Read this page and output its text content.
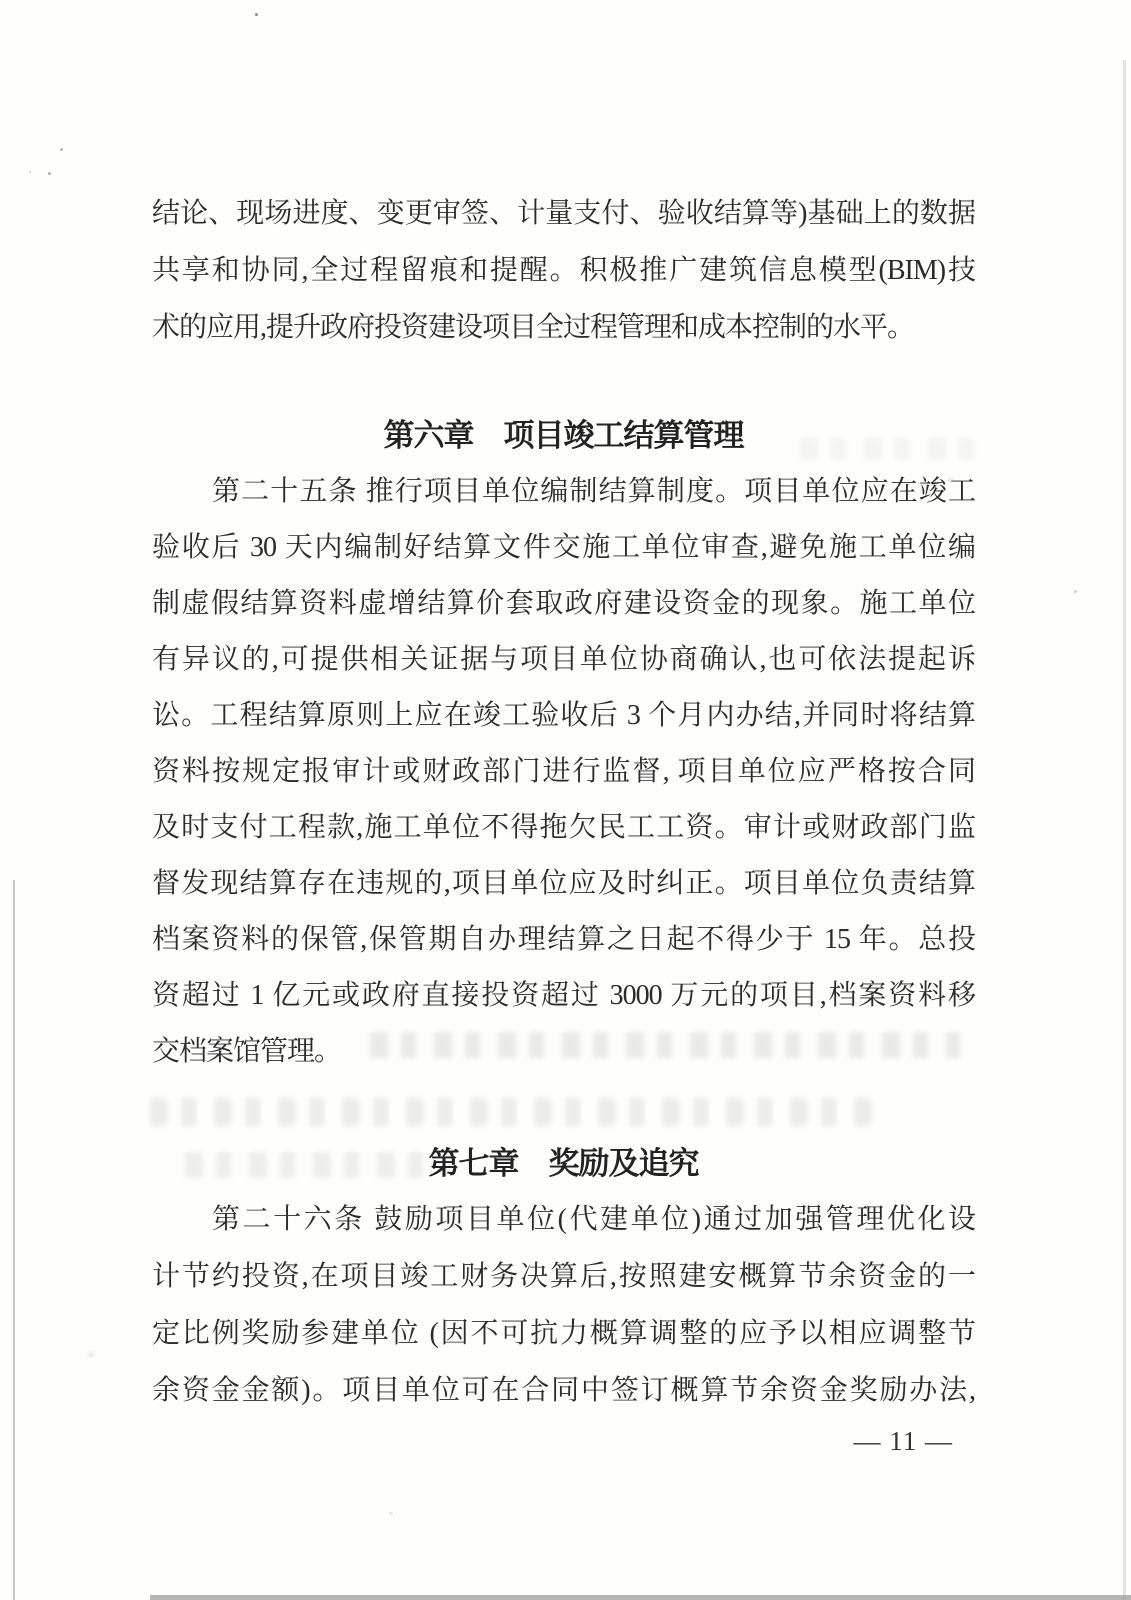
结论、现场进度、变更审签、计量支付、验收结算等)基础上的数据
共享和协同,全过程留痕和提醒。积极推广建筑信息模型(BIM)技
术的应用,提升政府投资建设项目全过程管理和成本控制的水平。
第六章　项目竣工结算管理
第二十五条 推行项目单位编制结算制度。项目单位应在竣工
验收后 30 天内编制好结算文件交施工单位审查,避免施工单位编
制虚假结算资料虚增结算价套取政府建设资金的现象。施工单位
有异议的,可提供相关证据与项目单位协商确认,也可依法提起诉
讼。工程结算原则上应在竣工验收后 3 个月内办结,并同时将结算
资料按规定报审计或财政部门进行监督, 项目单位应严格按合同
及时支付工程款,施工单位不得拖欠民工工资。审计或财政部门监
督发现结算存在违规的,项目单位应及时纠正。项目单位负责结算
档案资料的保管,保管期自办理结算之日起不得少于 15 年。总投
资超过 1 亿元或政府直接投资超过 3000 万元的项目,档案资料移
交档案馆管理。
第七章　奖励及追究
第二十六条 鼓励项目单位(代建单位)通过加强管理优化设
计节约投资,在项目竣工财务决算后,按照建安概算节余资金的一
定比例奖励参建单位 (因不可抗力概算调整的应予以相应调整节
余资金金额)。项目单位可在合同中签订概算节余资金奖励办法,
— 11 —
